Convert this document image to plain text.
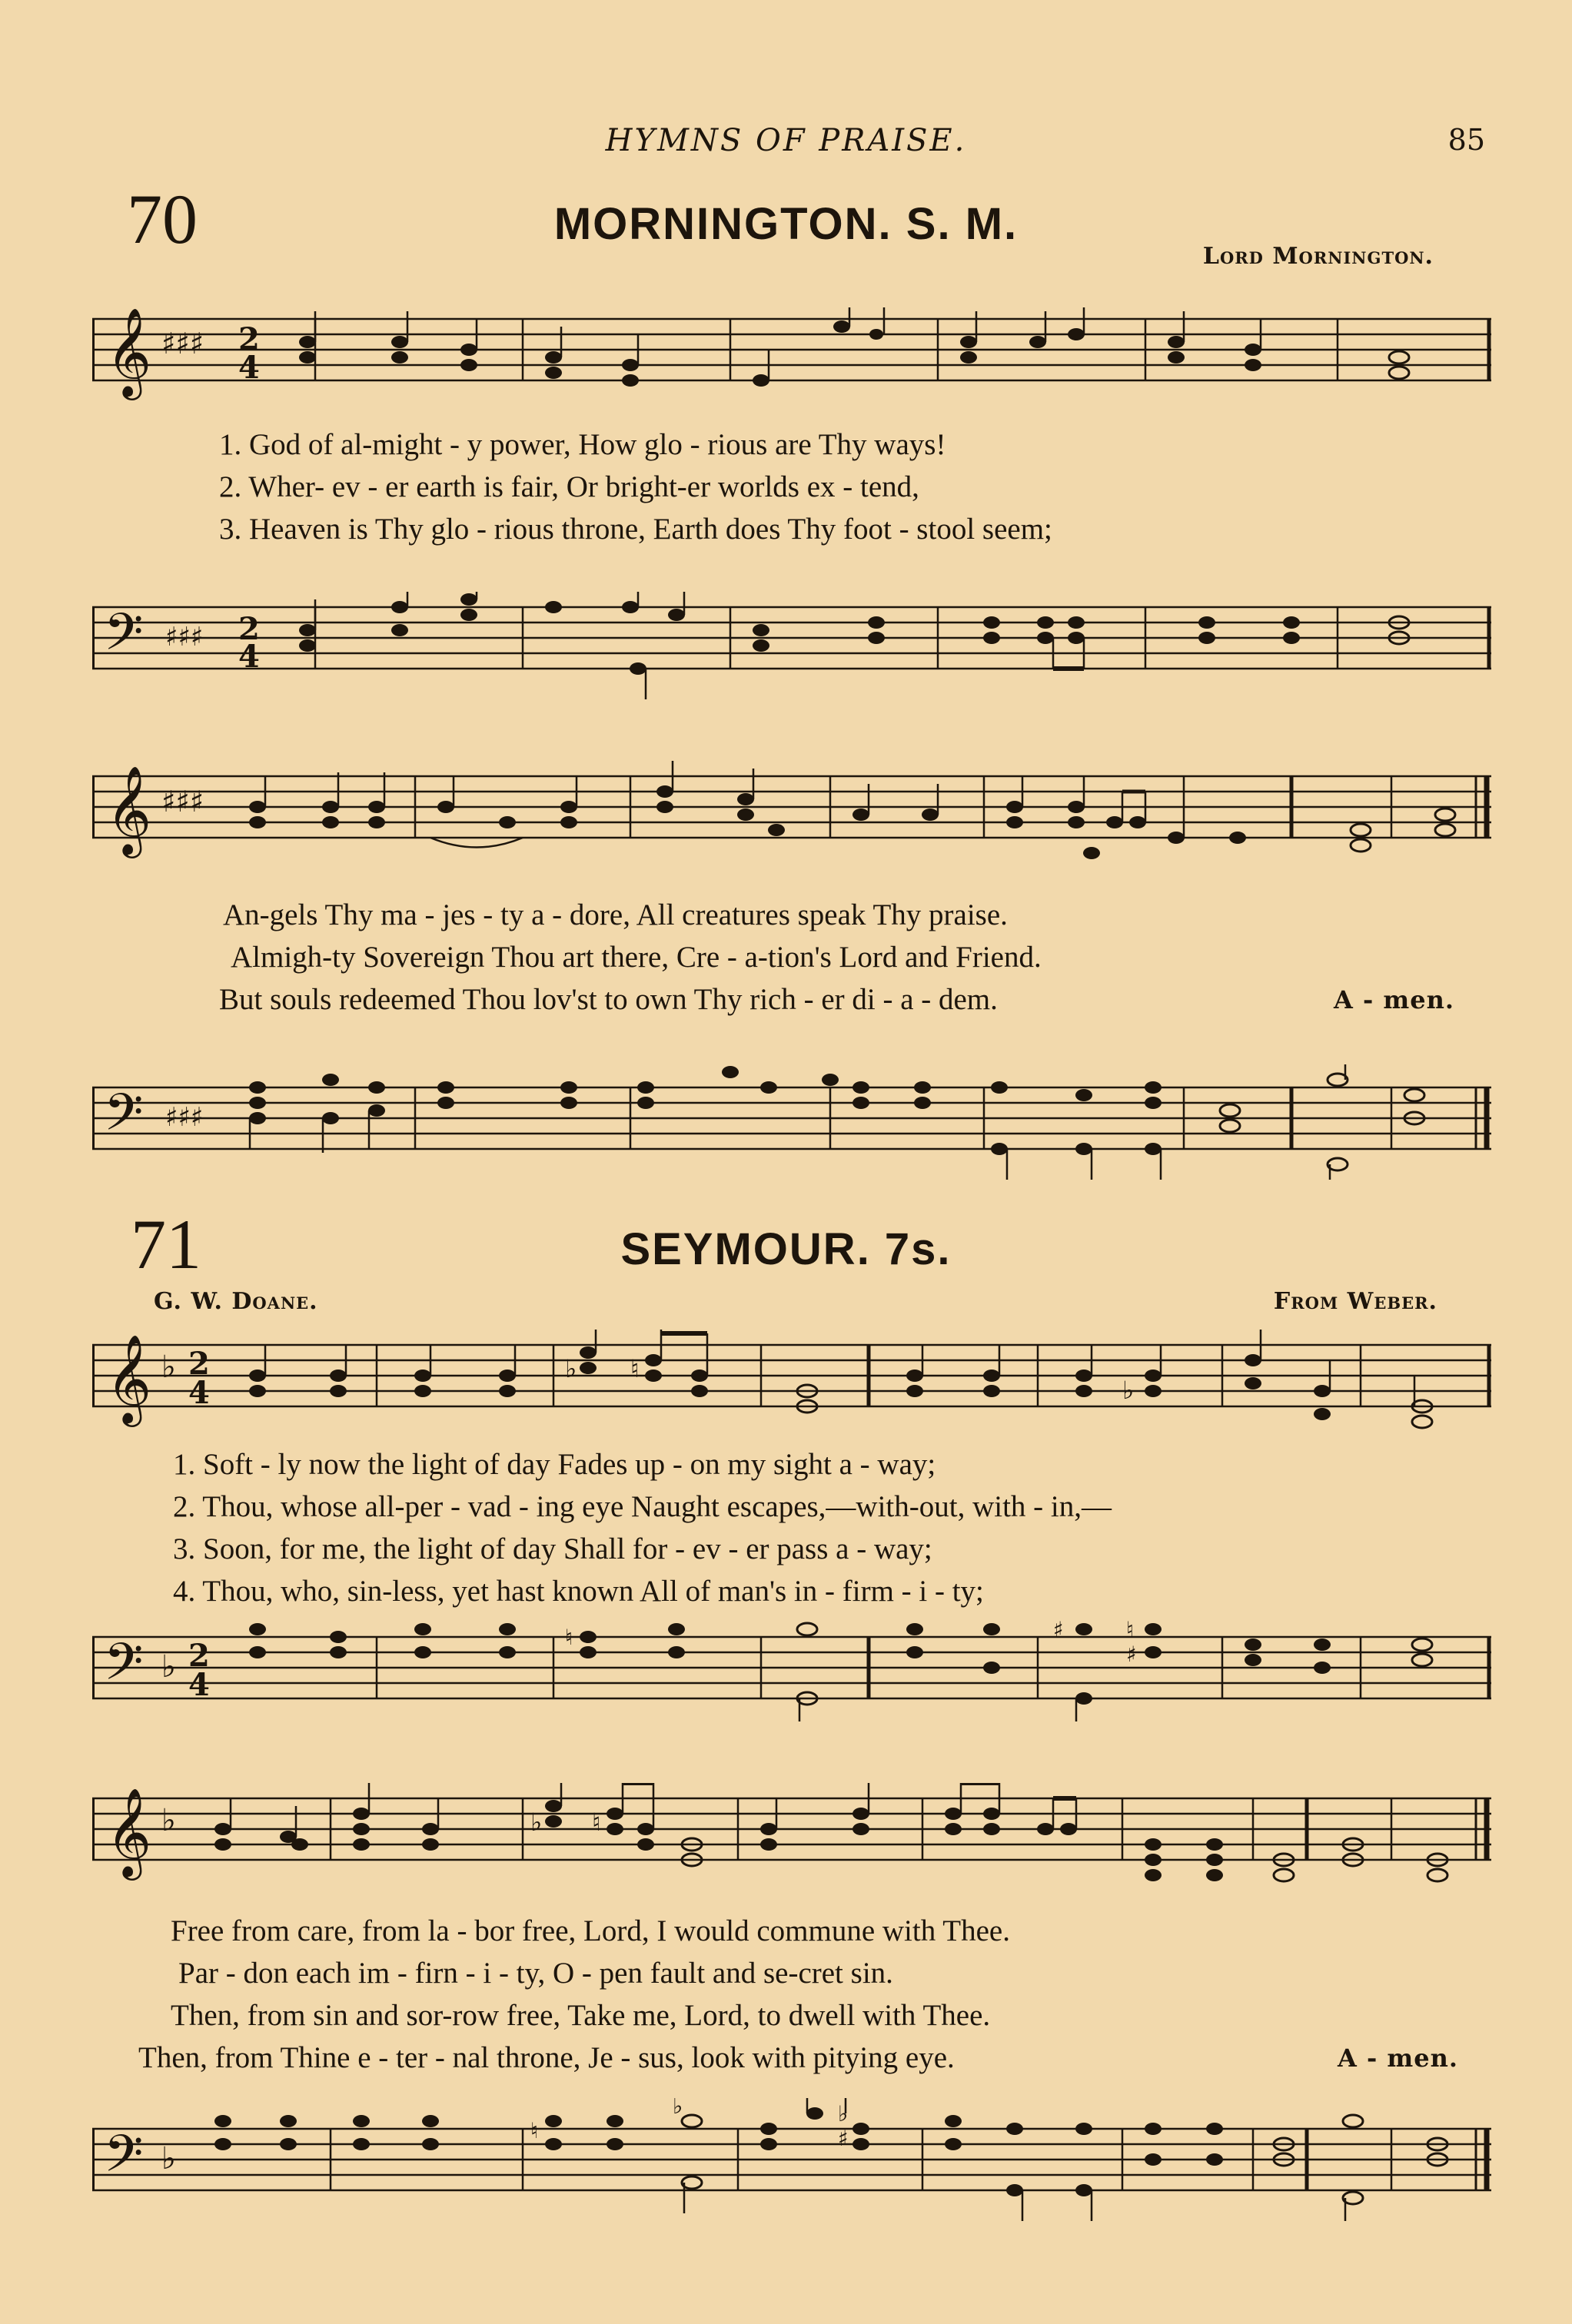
HYMNS OF PRAISE.	85
70	MORNINGTON. S. M.
Lord Mornington.
𝄞 ♯♯♯ 2
4
1. God of al-might - y power, How glo - rious are Thy ways!
2. Wher- ev - er earth is fair, Or bright-er worlds ex - tend,
3. Heaven is Thy glo - rious throne, Earth does Thy foot - stool seem;
𝄢 ♯♯♯ 2
4
𝄞 ♯♯♯
An-gels Thy ma - jes - ty a - dore, All creatures speak Thy praise.
Almigh-ty Sovereign Thou art there, Cre - a-tion's Lord and Friend.
But souls redeemed Thou lov'st to own Thy rich - er di - a - dem.	A - men.
𝄢 ♯♯♯
71	SEYMOUR. 7s.
G. W. Doane.	From Weber.
𝄞 ♭ 2
4
♭ ♮
♭
1. Soft - ly now the light of day Fades up - on my sight a - way;
2. Thou, whose all-per - vad - ing eye Naught escapes,—with-out, with - in,—
3. Soon, for me, the light of day Shall for - ev - er pass a - way;
4. Thou, who, sin-less, yet hast known All of man's in - firm - i - ty;
𝄢 ♭ 2
4
♮	♯	♮
♯
𝄞 ♭	♭ ♮
Free from care, from la - bor free, Lord, I would commune with Thee.
Par - don each im - firn - i - ty, O - pen fault and se-cret sin.
Then, from sin and sor-row free, Take me, Lord, to dwell with Thee.
Then, from Thine e - ter - nal throne, Je - sus, look with pitying eye.	A - men.
𝄢 ♭
♮
♭	♭
♯
